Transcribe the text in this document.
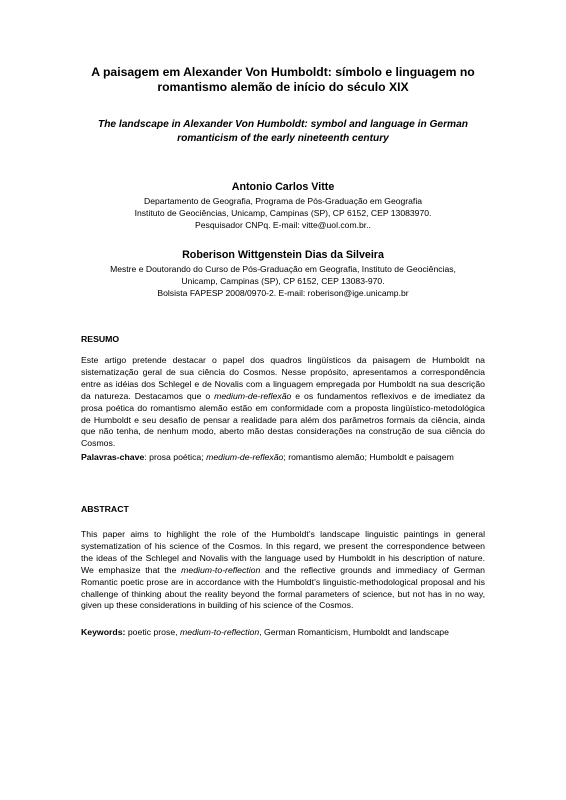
A paisagem em Alexander Von Humboldt: símbolo e linguagem no
romantismo alemão de início do século XIX
The landscape in Alexander Von Humboldt: symbol and language in German
romanticism of the early nineteenth century
Antonio Carlos Vitte
Departamento de Geografia, Programa de Pós-Graduação em Geografia
Instituto de Geociências, Unicamp, Campinas (SP), CP 6152, CEP 13083970.
Pesquisador CNPq. E-mail: vitte@uol.com.br..
Roberison Wittgenstein Dias da Silveira
Mestre e Doutorando do Curso de Pós-Graduação em Geografia, Instituto de Geociências,
Unicamp, Campinas (SP), CP 6152, CEP 13083-970.
Bolsista FAPESP 2008/0970-2. E-mail: roberison@ige.unicamp.br
RESUMO
Este artigo pretende destacar o papel dos quadros lingüísticos da paisagem de Humboldt na sistematização geral de sua ciência do Cosmos. Nesse propósito, apresentamos a correspondência entre as idéias dos Schlegel e de Novalis com a linguagem empregada por Humboldt na sua descrição da natureza. Destacamos que o medium-de-reflexão e os fundamentos reflexivos e de imediatez da prosa poética do romantismo alemão estão em conformidade com a proposta lingüístico-metodológica de Humboldt e seu desafio de pensar a realidade para além dos parâmetros formais da ciência, ainda que não tenha, de nenhum modo, aberto mão destas considerações na construção de sua ciência do Cosmos.
Palavras-chave: prosa poética; medium-de-reflexão; romantismo alemão; Humboldt e paisagem
ABSTRACT
This paper aims to highlight the role of the Humboldt’s landscape linguistic paintings in general systematization of his science of the Cosmos. In this regard, we present the correspondence between the ideas of the Schlegel and Novalis with the language used by Humboldt in his description of nature. We emphasize that the medium-to-reflection and the reflective grounds and immediacy of German Romantic poetic prose are in accordance with the Humboldt’s linguistic-methodological proposal and his challenge of thinking about the reality beyond the formal parameters of science, but not has in no way, given up these considerations in building of his science of the Cosmos.
Keywords: poetic prose, medium-to-reflection, German Romanticism, Humboldt and landscape
